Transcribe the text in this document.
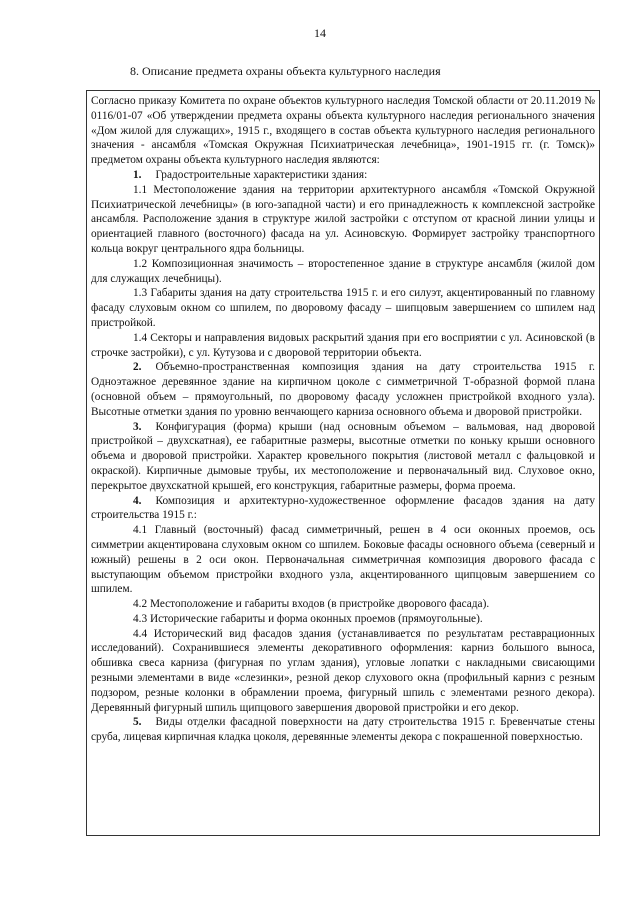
14
8. Описание предмета охраны объекта культурного наследия

Согласно приказу Комитета по охране объектов культурного наследия Томской области от 20.11.2019 № 0116/01-07 «Об утверждении предмета охраны объекта культурного наследия регионального значения «Дом жилой для служащих», 1915 г., входящего в состав объекта культурного наследия регионального значения - ансамбля «Томская Окружная Психиатрическая лечебница», 1901-1915 гг. (г. Томск)» предметом охраны объекта культурного наследия являются:

1. Градостроительные характеристики здания:

1.1 Местоположение здания на территории архитектурного ансамбля «Томской Окружной Психиатрической лечебницы» (в юго-западной части) и его принадлежность к комплексной застройке ансамбля. Расположение здания в структуре жилой застройки с отступом от красной линии улицы и ориентацией главного (восточного) фасада на ул. Асиновскую. Формирует застройку транспортного кольца вокруг центрального ядра больницы.

1.2 Композиционная значимость – второстепенное здание в структуре ансамбля (жилой дом для служащих лечебницы).

1.3 Габариты здания на дату строительства 1915 г. и его силуэт, акцентированный по главному фасаду слуховым окном со шпилем, по дворовому фасаду – шипцовым завершением со шпилем над пристройкой.

1.4 Секторы и направления видовых раскрытий здания при его восприятии с ул. Асиновской (в строчке застройки), с ул. Кутузова и с дворовой территории объекта.

2. Объемно-пространственная композиция здания на дату строительства 1915 г. Одноэтажное деревянное здание на кирпичном цоколе с симметричной Т-образной формой плана (основной объем – прямоугольный, по дворовому фасаду усложнен пристройкой входного узла). Высотные отметки здания по уровню венчающего карниза основного объема и дворовой пристройки.

3. Конфигурация (форма) крыши (над основным объемом – вальмовая, над дворовой пристройкой – двухскатная), ее габаритные размеры, высотные отметки по коньку крыши основного объема и дворовой пристройки. Характер кровельного покрытия (листовой металл с фальцовкой и окраской). Кирпичные дымовые трубы, их местоположение и первоначальный вид. Слуховое окно, перекрытое двухскатной крышей, его конструкция, габаритные размеры, форма проема.

4. Композиция и архитектурно-художественное оформление фасадов здания на дату строительства 1915 г.:

4.1 Главный (восточный) фасад симметричный, решен в 4 оси оконных проемов, ось симметрии акцентирована слуховым окном со шпилем. Боковые фасады основного объема (северный и южный) решены в 2 оси окон. Первоначальная симметричная композиция дворового фасада с выступающим объемом пристройки входного узла, акцентированного щипцовым завершением со шпилем.

4.2 Местоположение и габариты входов (в пристройке дворового фасада).

4.3 Исторические габариты и форма оконных проемов (прямоугольные).

4.4 Исторический вид фасадов здания (устанавливается по результатам реставрационных исследований). Сохранившиеся элементы декоративного оформления: карниз большого выноса, обшивка свеса карниза (фигурная по углам здания), угловые лопатки с накладными свисающими резными элементами в виде «слезинки», резной декор слухового окна (профильный карниз с резным подзором, резные колонки в обрамлении проема, фигурный шпиль с элементами резного декора). Деревянный фигурный шпиль щипцового завершения дворовой пристройки и его декор.

5. Виды отделки фасадной поверхности на дату строительства 1915 г. Бревенчатые стены сруба, лицевая кирпичная кладка цоколя, деревянные элементы декора с покрашенной поверхностью.
